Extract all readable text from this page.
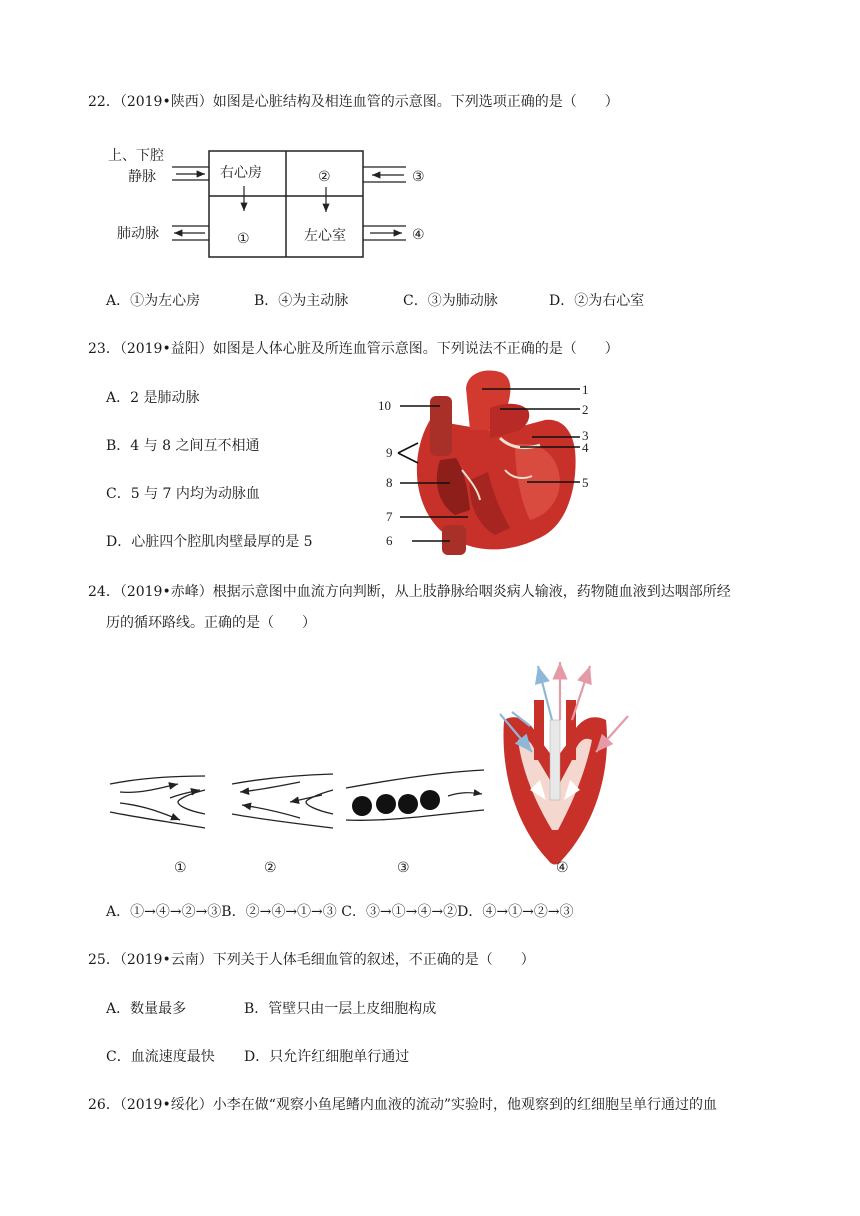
22．（2019•陕西）如图是心脏结构及相连血管的示意图。下列选项正确的是（　　）
上、下腔
静脉	右心房	②	③
肺动脉	①	左心室	④
A．①为左心房	B．④为主动脉	C．③为肺动脉	D．②为右心室
23．（2019•益阳）如图是人体心脏及所连血管示意图。下列说法不正确的是（　　）
A．2 是肺动脉
B．4 与 8 之间互不相通
C．5 与 7 内均为动脉血
D．心脏四个腔肌肉壁最厚的是 5
1
2
3
4
5
6
7
8
9
10
24．（2019•赤峰）根据示意图中血流方向判断，从上肢静脉给咽炎病人输液，药物随血液到达咽部所经
历的循环路线。正确的是（　　）
①	②	③	④
A．①→④→②→③B．②→④→①→③ C．③→①→④→②D．④→①→②→③
25．（2019•云南）下列关于人体毛细血管的叙述，不正确的是（　　）
A．数量最多	B．管壁只由一层上皮细胞构成
C．血流速度最快 D．只允许红细胞单行通过
26．（2019•绥化）小李在做“观察小鱼尾鳍内血液的流动”实验时，他观察到的红细胞呈单行通过的血
